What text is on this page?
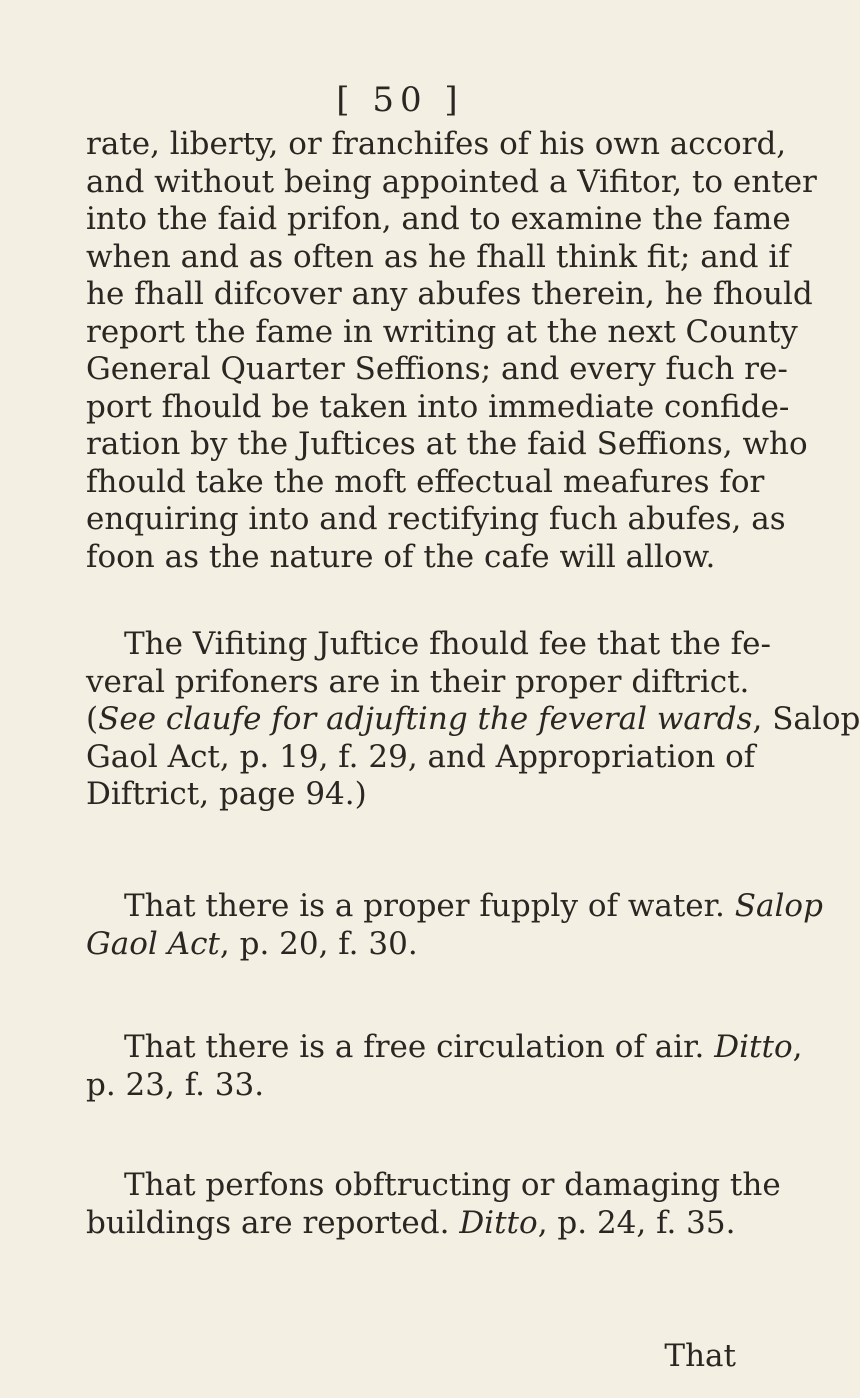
[ 50 ]
rate, liberty, or franchifes of his own accord,
and without being appointed a Vifitor, to enter
into the faid prifon, and to examine the fame
when and as often as he fhall think fit; and if
he fhall difcover any abufes therein, he fhould
report the fame in writing at the next County
General Quarter Seffions; and every fuch re-
port fhould be taken into immediate confide-
ration by the Juftices at the faid Seffions, who
fhould take the moft effectual meafures for
enquiring into and rectifying fuch abufes, as
foon as the nature of the cafe will allow.
The Vifiting Juftice fhould fee that the fe-
veral prifoners are in their proper diftrict.
(See claufe for adjufting the feveral wards, Salop
Gaol Act, p. 19, f. 29, and Appropriation of
Diftrict, page 94.)
That there is a proper fupply of water. Salop
Gaol Act, p. 20, f. 30.
That there is a free circulation of air. Ditto,
p. 23, f. 33.
That perfons obftructing or damaging the
buildings are reported. Ditto, p. 24, f. 35.
That
